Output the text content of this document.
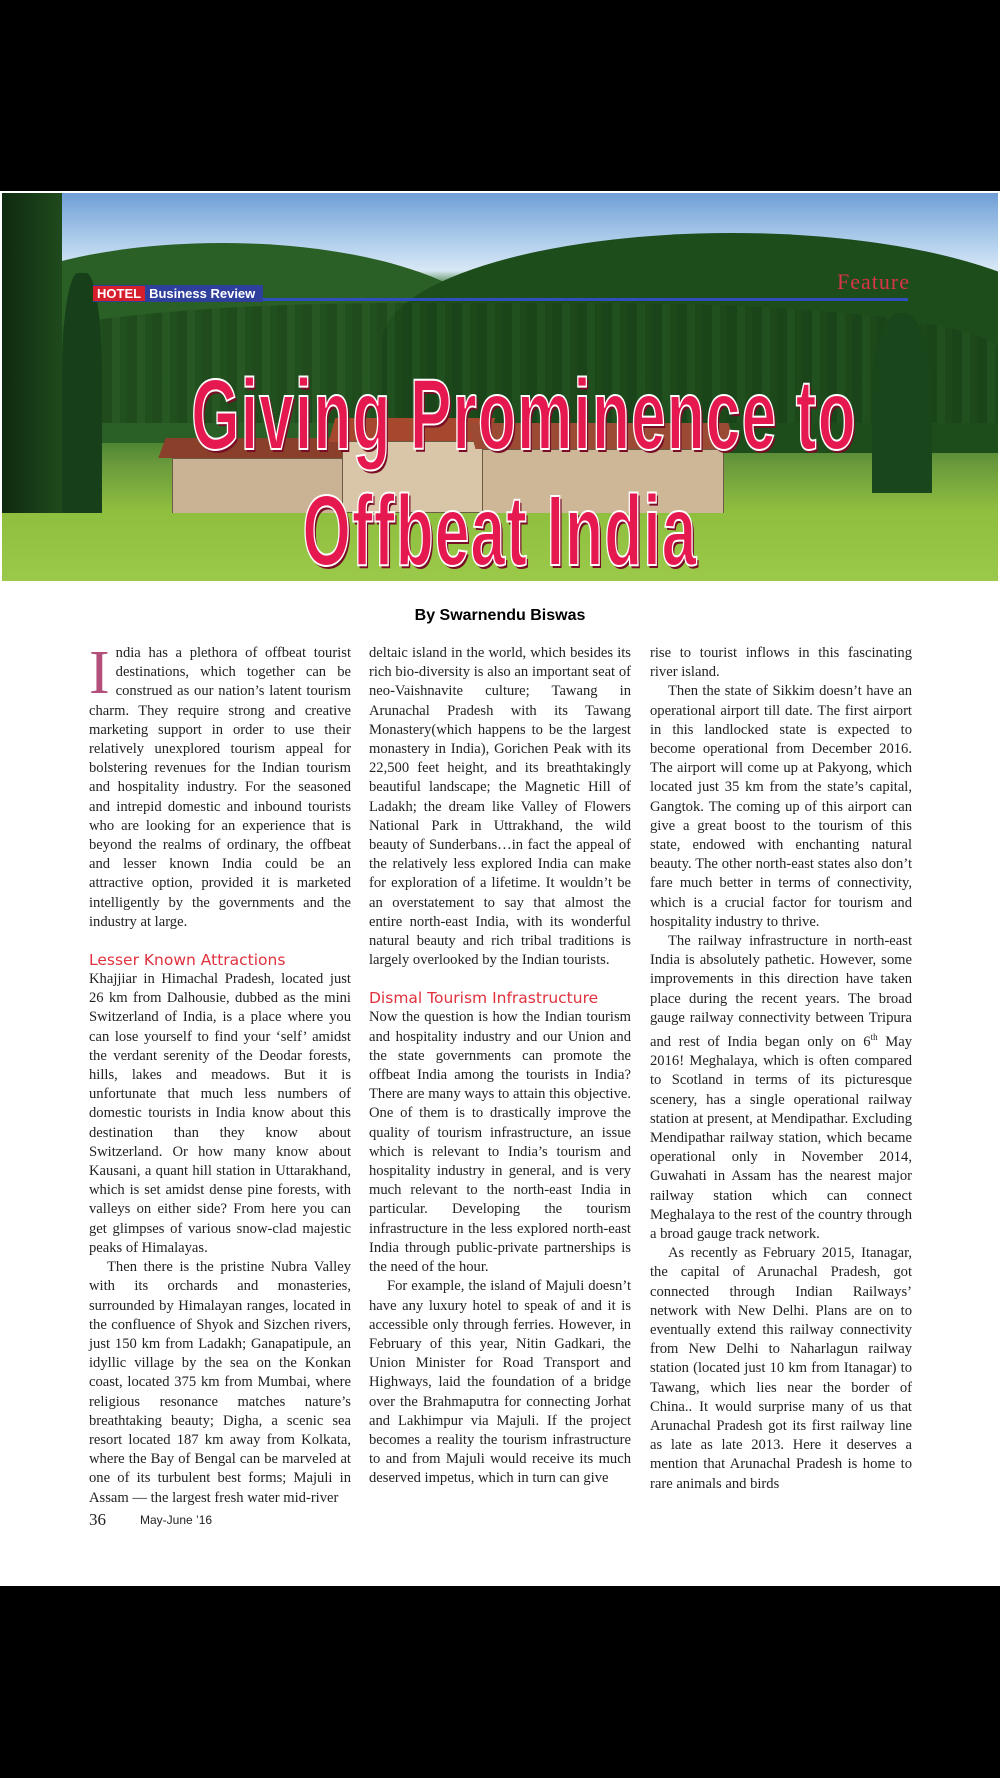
HOTEL Business Review	Feature
Giving Prominence to
Offbeat India
By Swarnendu Biswas

India has a plethora of offbeat tourist destinations, which together can be construed as our nation’s latent tourism charm. They require strong and creative marketing support in order to use their relatively unexplored tourism appeal for bolstering revenues for the Indian tourism and hospitality industry. For the seasoned and intrepid domestic and inbound tourists who are looking for an experience that is beyond the realms of ordinary, the offbeat and lesser known India could be an attractive option, provided it is marketed intelligently by the governments and the industry at large.

Lesser Known Attractions

Khajjiar in Himachal Pradesh, located just 26 km from Dalhousie, dubbed as the mini Switzerland of India, is a place where you can lose yourself to find your ‘self’ amidst the verdant serenity of the Deodar forests, hills, lakes and meadows. But it is unfortunate that much less numbers of domestic tourists in India know about this destination than they know about Switzerland. Or how many know about Kausani, a quant hill station in Uttarakhand, which is set amidst dense pine forests, with valleys on either side? From here you can get glimpses of various snow-clad majestic peaks of Himalayas.

Then there is the pristine Nubra Valley with its orchards and monasteries, surrounded by Himalayan ranges, located in the confluence of Shyok and Sizchen rivers, just 150 km from Ladakh; Ganapatipule, an idyllic village by the sea on the Konkan coast, located 375 km from Mumbai, where religious resonance matches nature’s breathtaking beauty; Digha, a scenic sea resort located 187 km away from Kolkata, where the Bay of Bengal can be marveled at one of its turbulent best forms; Majuli in Assam — the largest fresh water mid-river

deltaic island in the world, which besides its rich bio-diversity is also an important seat of neo-Vaishnavite culture; Tawang in Arunachal Pradesh with its Tawang Monastery(which happens to be the largest monastery in India), Gorichen Peak with its 22,500 feet height, and its breathtakingly beautiful landscape; the Magnetic Hill of Ladakh; the dream like Valley of Flowers National Park in Uttrakhand, the wild beauty of Sunderbans…in fact the appeal of the relatively less explored India can make for exploration of a lifetime. It wouldn’t be an overstatement to say that almost the entire north-east India, with its wonderful natural beauty and rich tribal traditions is largely overlooked by the Indian tourists.

Dismal Tourism Infrastructure

Now the question is how the Indian tourism and hospitality industry and our Union and the state governments can promote the offbeat India among the tourists in India? There are many ways to attain this objective. One of them is to drastically improve the quality of tourism infrastructure, an issue which is relevant to India’s tourism and hospitality industry in general, and is very much relevant to the north-east India in particular. Developing the tourism infrastructure in the less explored north-east India through public-private partnerships is the need of the hour.

For example, the island of Majuli doesn’t have any luxury hotel to speak of and it is accessible only through ferries. However, in February of this year, Nitin Gadkari, the Union Minister for Road Transport and Highways, laid the foundation of a bridge over the Brahmaputra for connecting Jorhat and Lakhimpur via Majuli. If the project becomes a reality the tourism infrastructure to and from Majuli would receive its much deserved impetus, which in turn can give

rise to tourist inflows in this fascinating river island.

Then the state of Sikkim doesn’t have an operational airport till date. The first airport in this landlocked state is expected to become operational from December 2016. The airport will come up at Pakyong, which located just 35 km from the state’s capital, Gangtok. The coming up of this airport can give a great boost to the tourism of this state, endowed with enchanting natural beauty. The other north-east states also don’t fare much better in terms of connectivity, which is a crucial factor for tourism and hospitality industry to thrive.

The railway infrastructure in north-east India is absolutely pathetic. However, some improvements in this direction have taken place during the recent years. The broad gauge railway connectivity between Tripura and rest of India began only on 6th May 2016! Meghalaya, which is often compared to Scotland in terms of its picturesque scenery, has a single operational railway station at present, at Mendipathar. Excluding Mendipathar railway station, which became operational only in November 2014, Guwahati in Assam has the nearest major railway station which can connect Meghalaya to the rest of the country through a broad gauge track network.

As recently as February 2015, Itanagar, the capital of Arunachal Pradesh, got connected through Indian Railways’ network with New Delhi. Plans are on to eventually extend this railway connectivity from New Delhi to Naharlagun railway station (located just 10 km from Itanagar) to Tawang, which lies near the border of China.. It would surprise many of us that Arunachal Pradesh got its first railway line as late as late 2013. Here it deserves a mention that Arunachal Pradesh is home to rare animals and birds

36	May-June ’16
